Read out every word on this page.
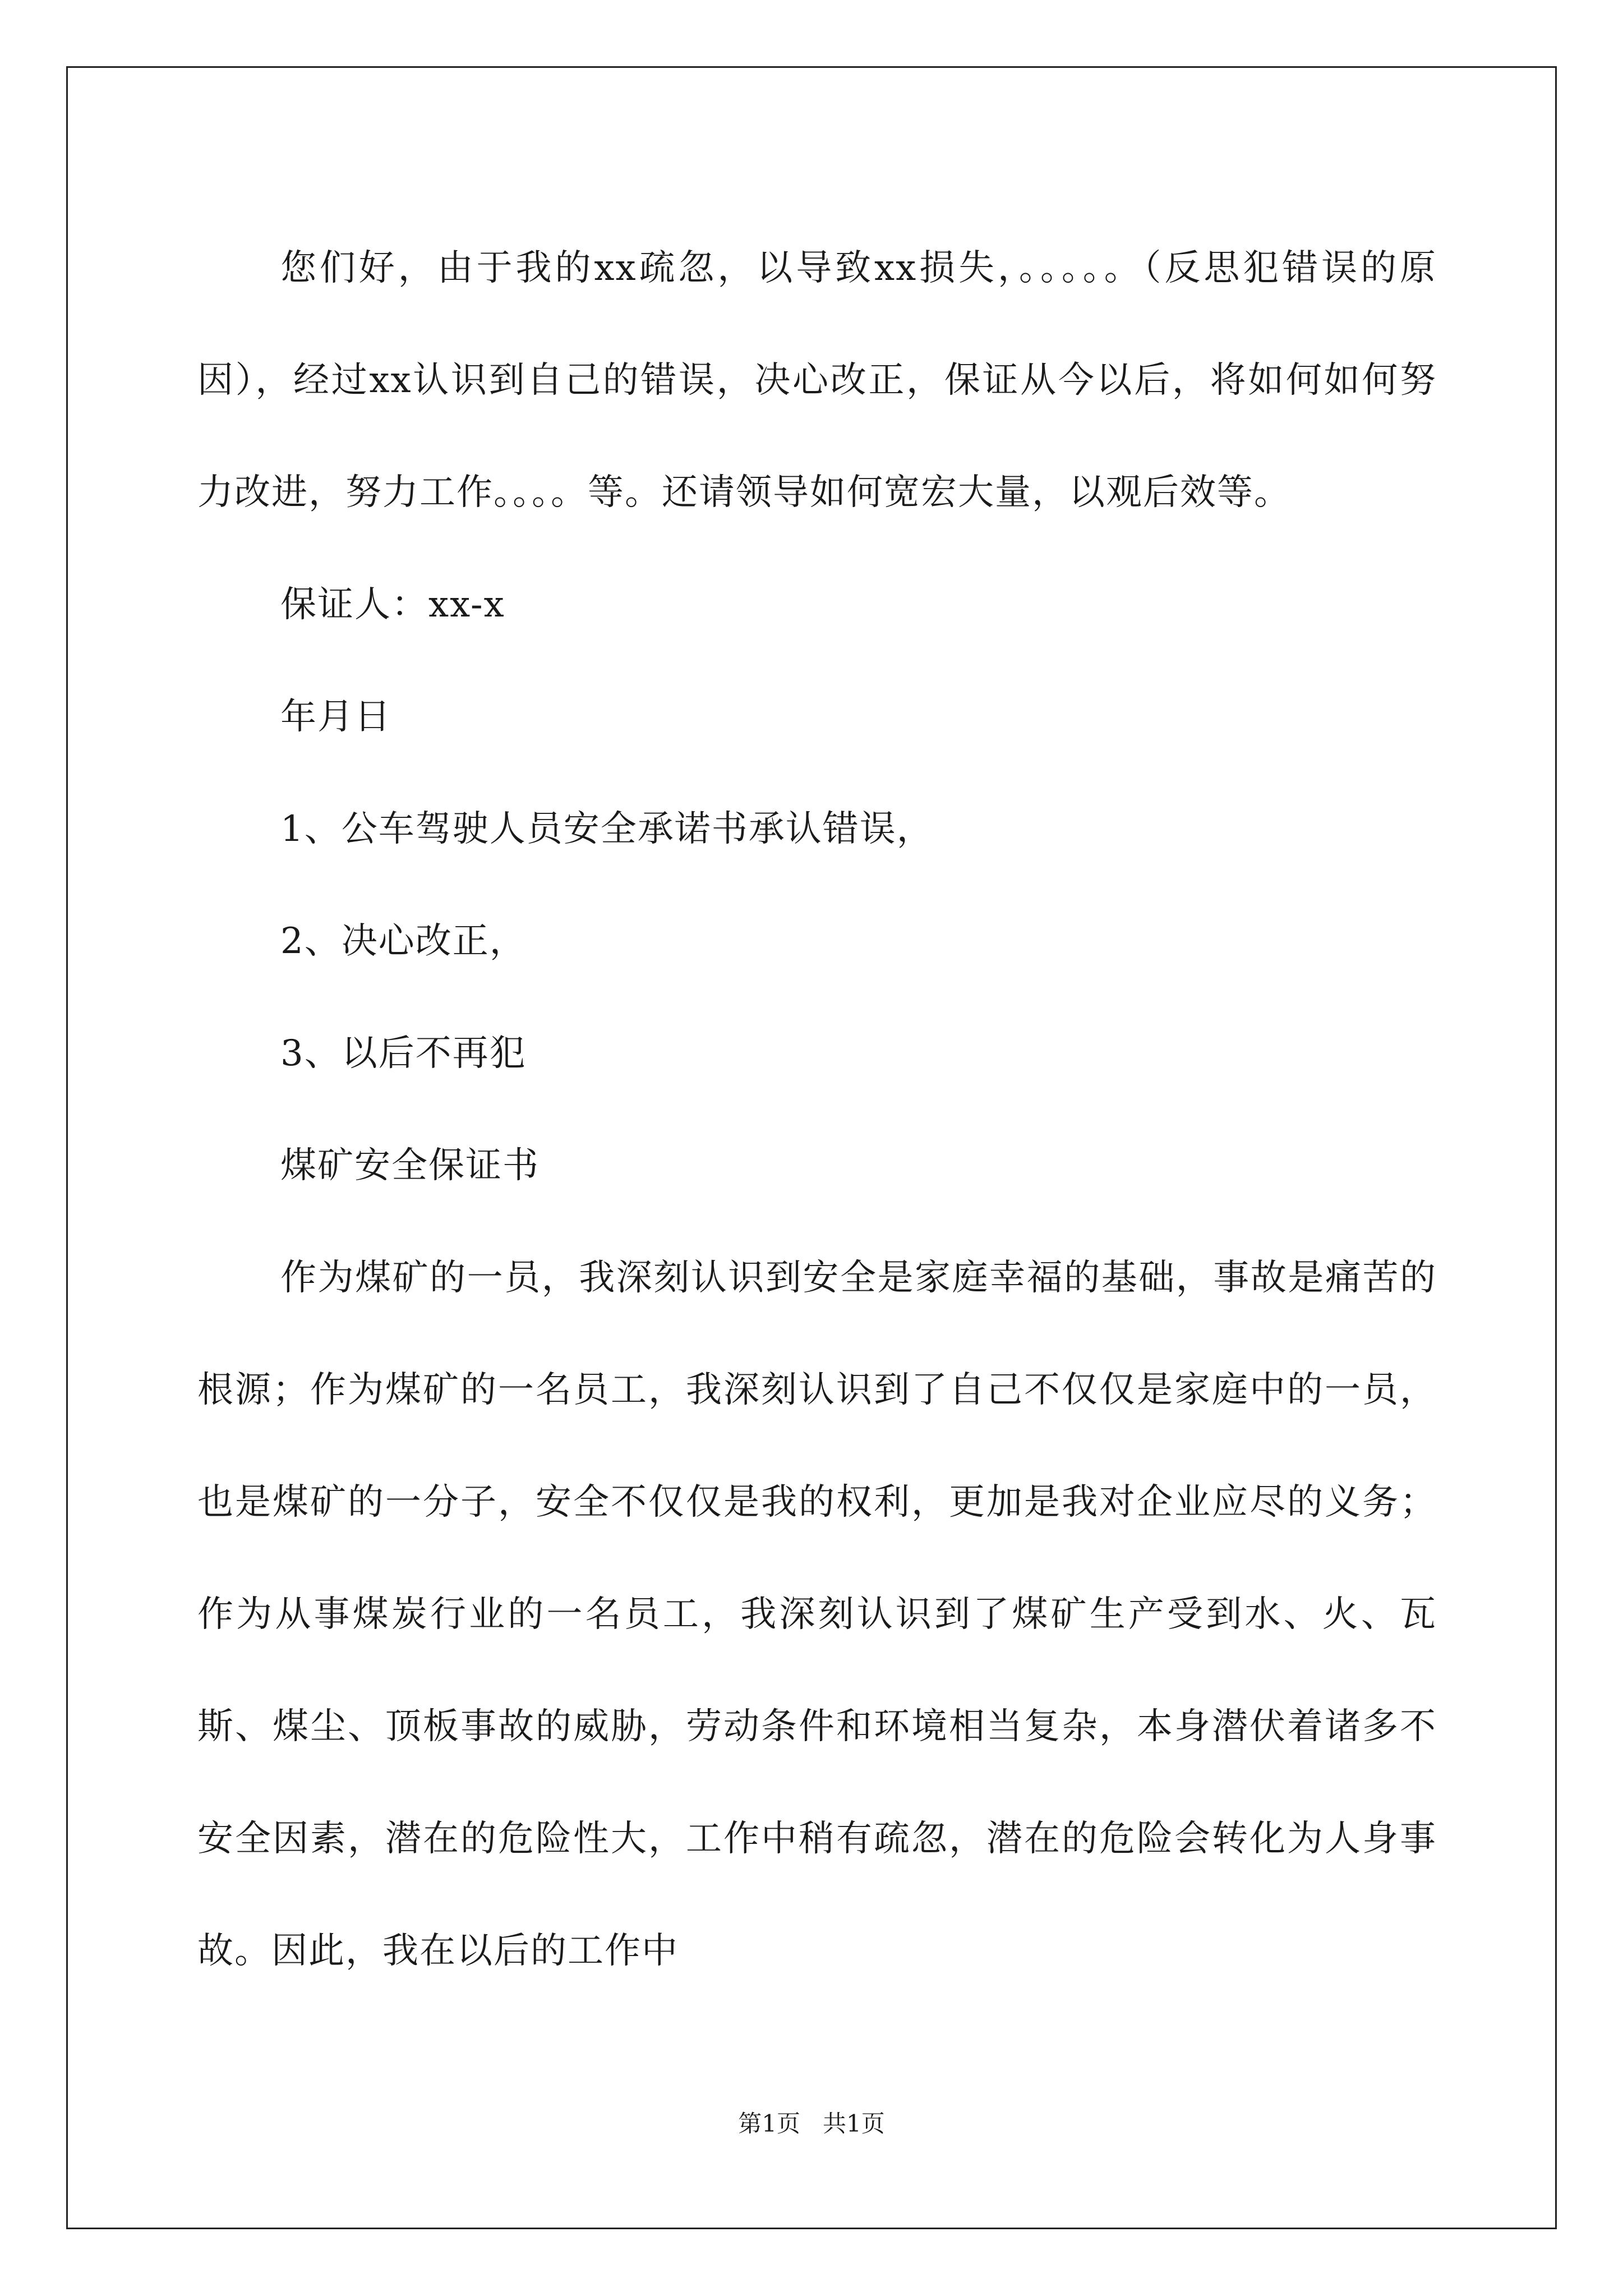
您们好，由于我的xx疏忽，以导致xx损失，。。。。。（反思犯错误的原因），经过xx认识到自己的错误，决心改正，保证从今以后，将如何如何努力改进，努力工作。。。。等。还请领导如何宽宏大量，以观后效等。

保证人：xx-x

年月日

1、公车驾驶人员安全承诺书承认错误，

2、决心改正，

3、以后不再犯

煤矿安全保证书

作为煤矿的一员，我深刻认识到安全是家庭幸福的基础，事故是痛苦的根源；作为煤矿的一名员工，我深刻认识到了自己不仅仅是家庭中的一员，也是煤矿的一分子，安全不仅仅是我的权利，更加是我对企业应尽的义务；作为从事煤炭行业的一名员工，我深刻认识到了煤矿生产受到水、火、瓦斯、煤尘、顶板事故的威胁，劳动条件和环境相当复杂，本身潜伏着诸多不安全因素，潜在的危险性大，工作中稍有疏忽，潜在的危险会转化为人身事故。因此，我在以后的工作中

第1页 共1页
